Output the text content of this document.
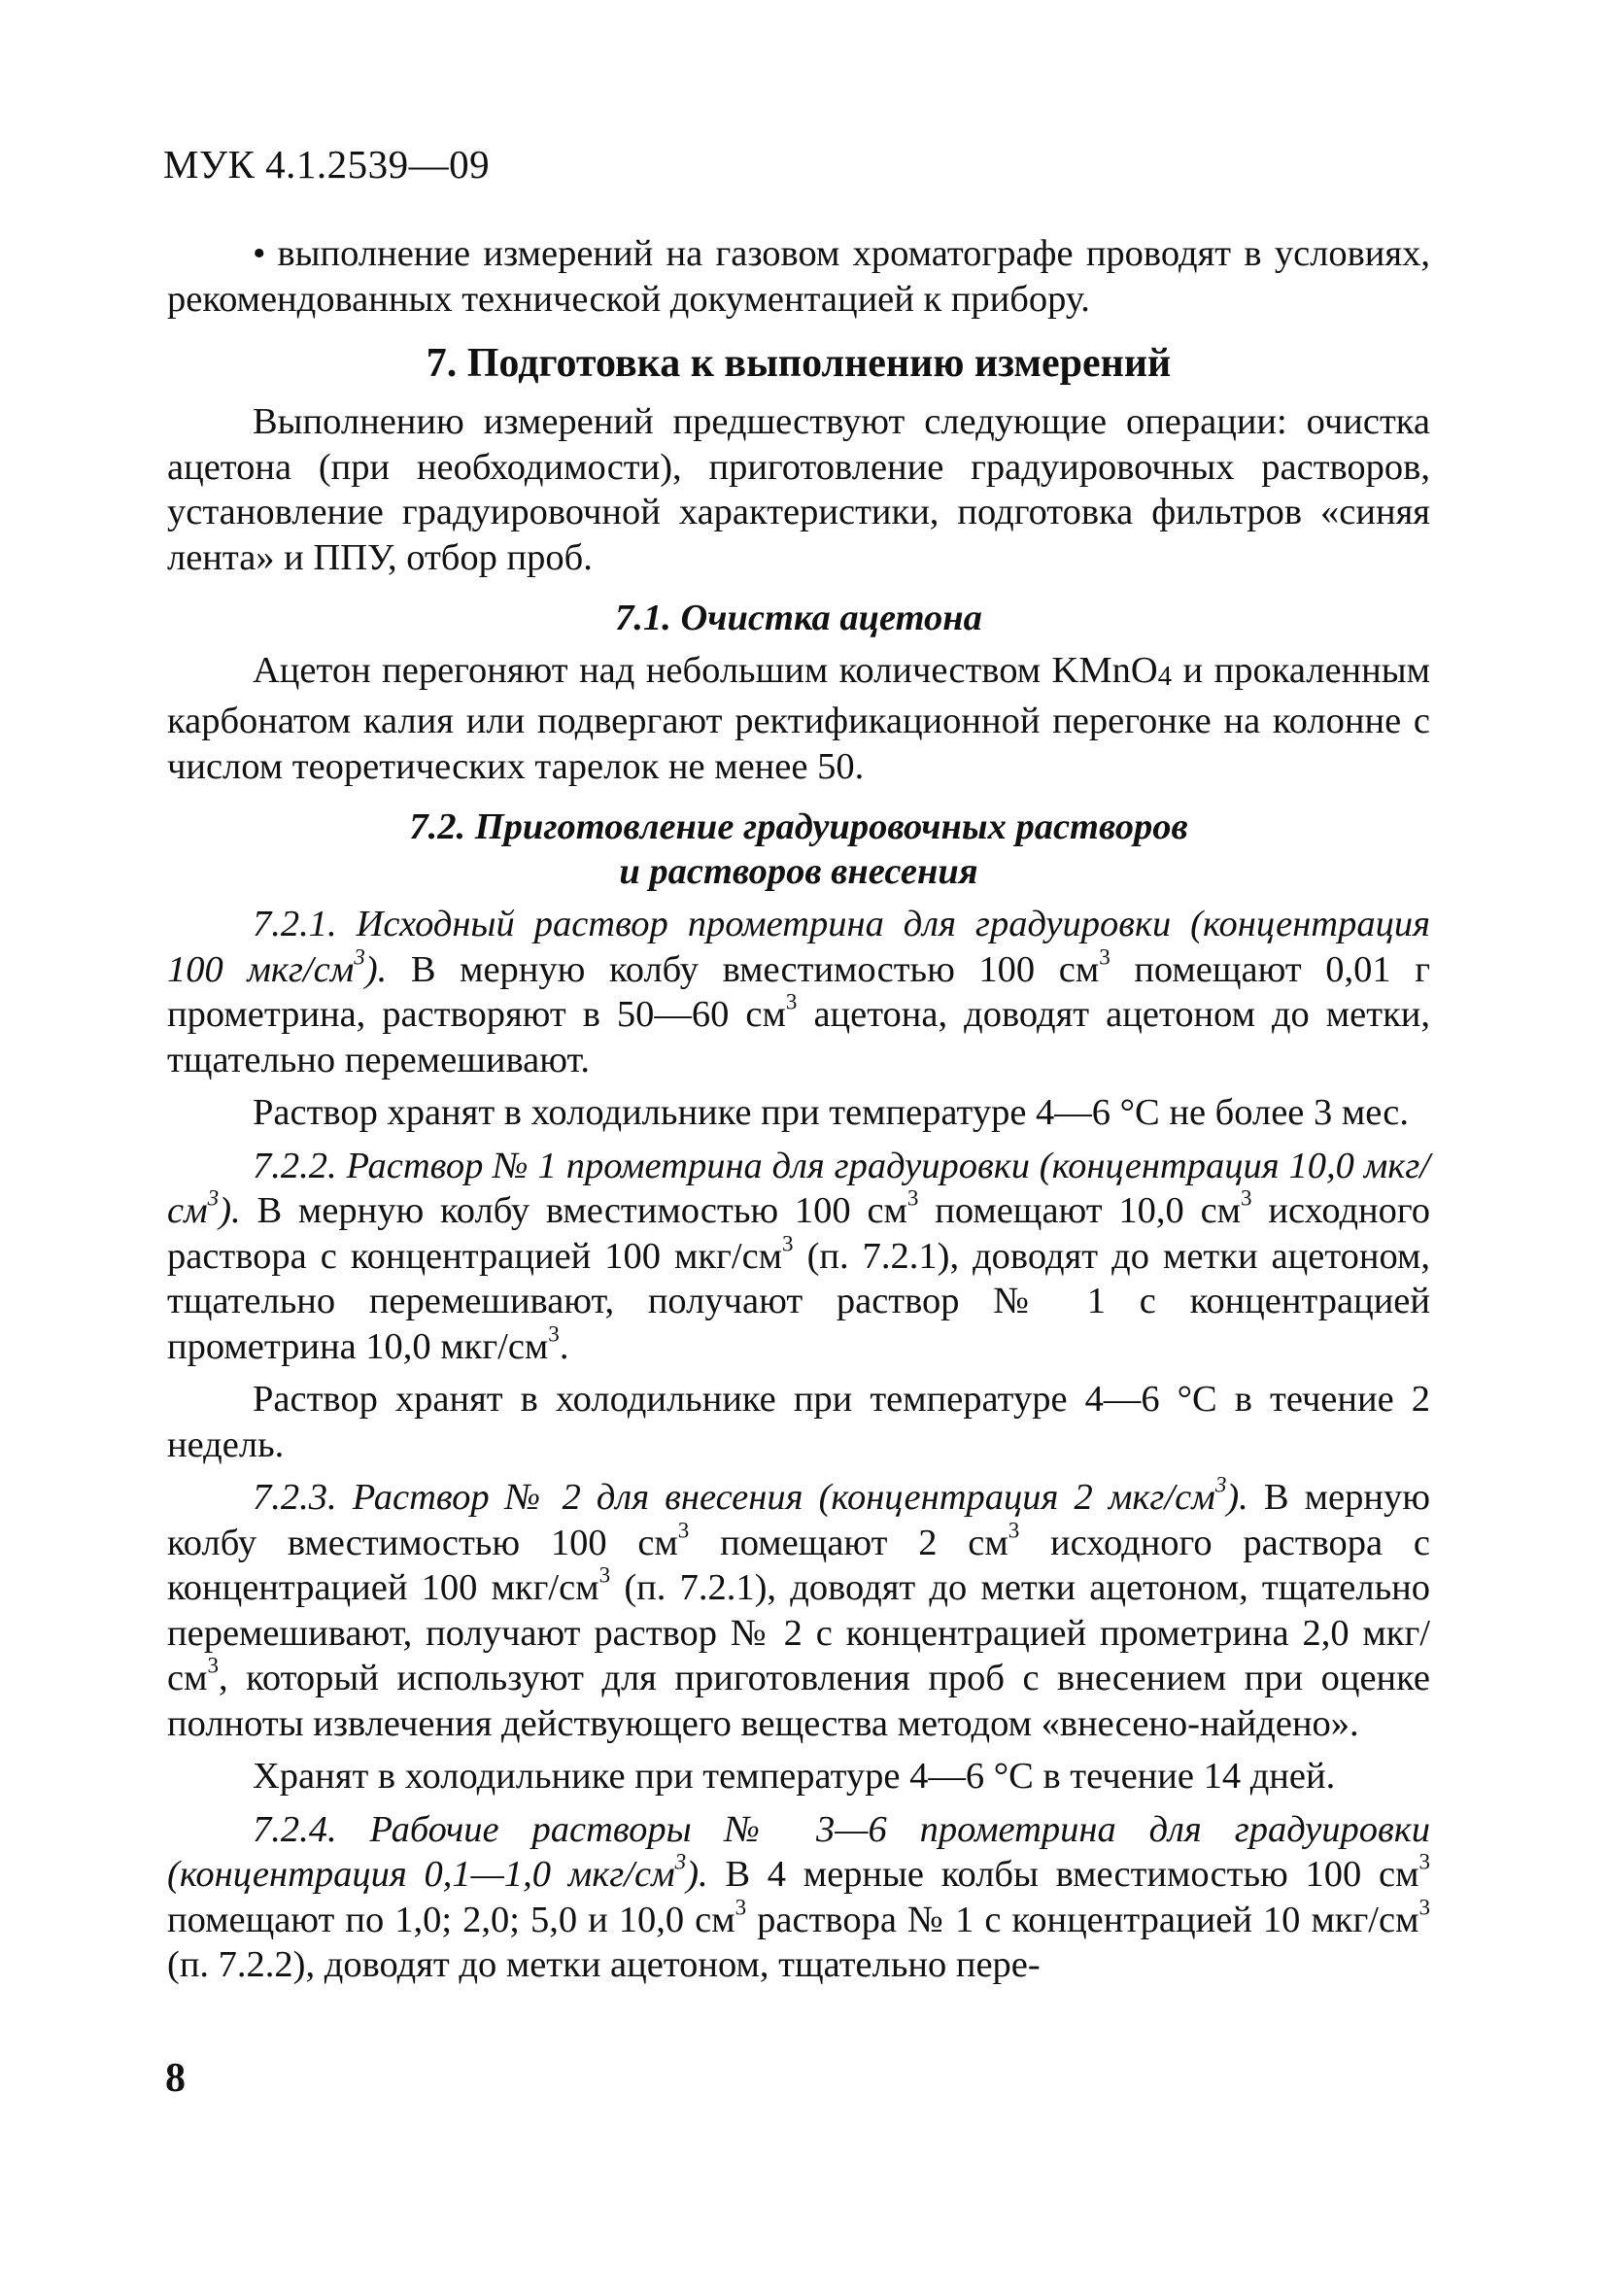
МУК 4.1.2539—09

• выполнение измерений на газовом хроматографе проводят в условиях, рекомендованных технической документацией к прибору.

7. Подготовка к выполнению измерений

Выполнению измерений предшествуют следующие операции: очистка ацетона (при необходимости), приготовление градуировочных растворов, установление градуировочной характеристики, подготовка фильтров «синяя лента» и ППУ, отбор проб.

7.1. Очистка ацетона

Ацетон перегоняют над небольшим количеством KMnO4 и прокаленным карбонатом калия или подвергают ректификационной перегонке на колонне с числом теоретических тарелок не менее 50.

7.2. Приготовление градуировочных растворов
и растворов внесения

7.2.1. Исходный раствор прометрина для градуировки (концентрация 100 мкг/$см^3$). В мерную колбу вместимостью 100 $см^3$ помещают 0,01 г прометрина, растворяют в 50—60 $см^3$ ацетона, доводят ацетоном до метки, тщательно перемешивают.

Раствор хранят в холодильнике при температуре 4—6 °С не более 3 мес.

7.2.2. Раствор № 1 прометрина для градуировки (концентрация 10,0 мкг/$см^3$). В мерную колбу вместимостью 100 $см^3$ помещают 10,0 $см^3$ исходного раствора с концентрацией 100 мкг/$см^3$ (п. 7.2.1), доводят до метки ацетоном, тщательно перемешивают, получают раствор № 1 с концентрацией прометрина 10,0 мкг/$см^3$.

Раствор хранят в холодильнике при температуре 4—6 °С в течение 2 недель.

7.2.3. Раствор № 2 для внесения (концентрация 2 мкг/$см^3$). В мерную колбу вместимостью 100 $см^3$ помещают 2 $см^3$ исходного раствора с концентрацией 100 мкг/$см^3$ (п. 7.2.1), доводят до метки ацетоном, тщательно перемешивают, получают раствор № 2 с концентрацией прометрина 2,0 мкг/$см^3$, который используют для приготовления проб с внесением при оценке полноты извлечения действующего вещества методом «внесено-найдено».

Хранят в холодильнике при температуре 4—6 °С в течение 14 дней.

7.2.4. Рабочие растворы № 3—6 прометрина для градуировки (концентрация 0,1—1,0 мкг/$см^3$). В 4 мерные колбы вместимостью 100 $см^3$ помещают по 1,0; 2,0; 5,0 и 10,0 $см^3$ раствора № 1 с концентрацией 10 мкг/$см^3$ (п. 7.2.2), доводят до метки ацетоном, тщательно пере-

8
